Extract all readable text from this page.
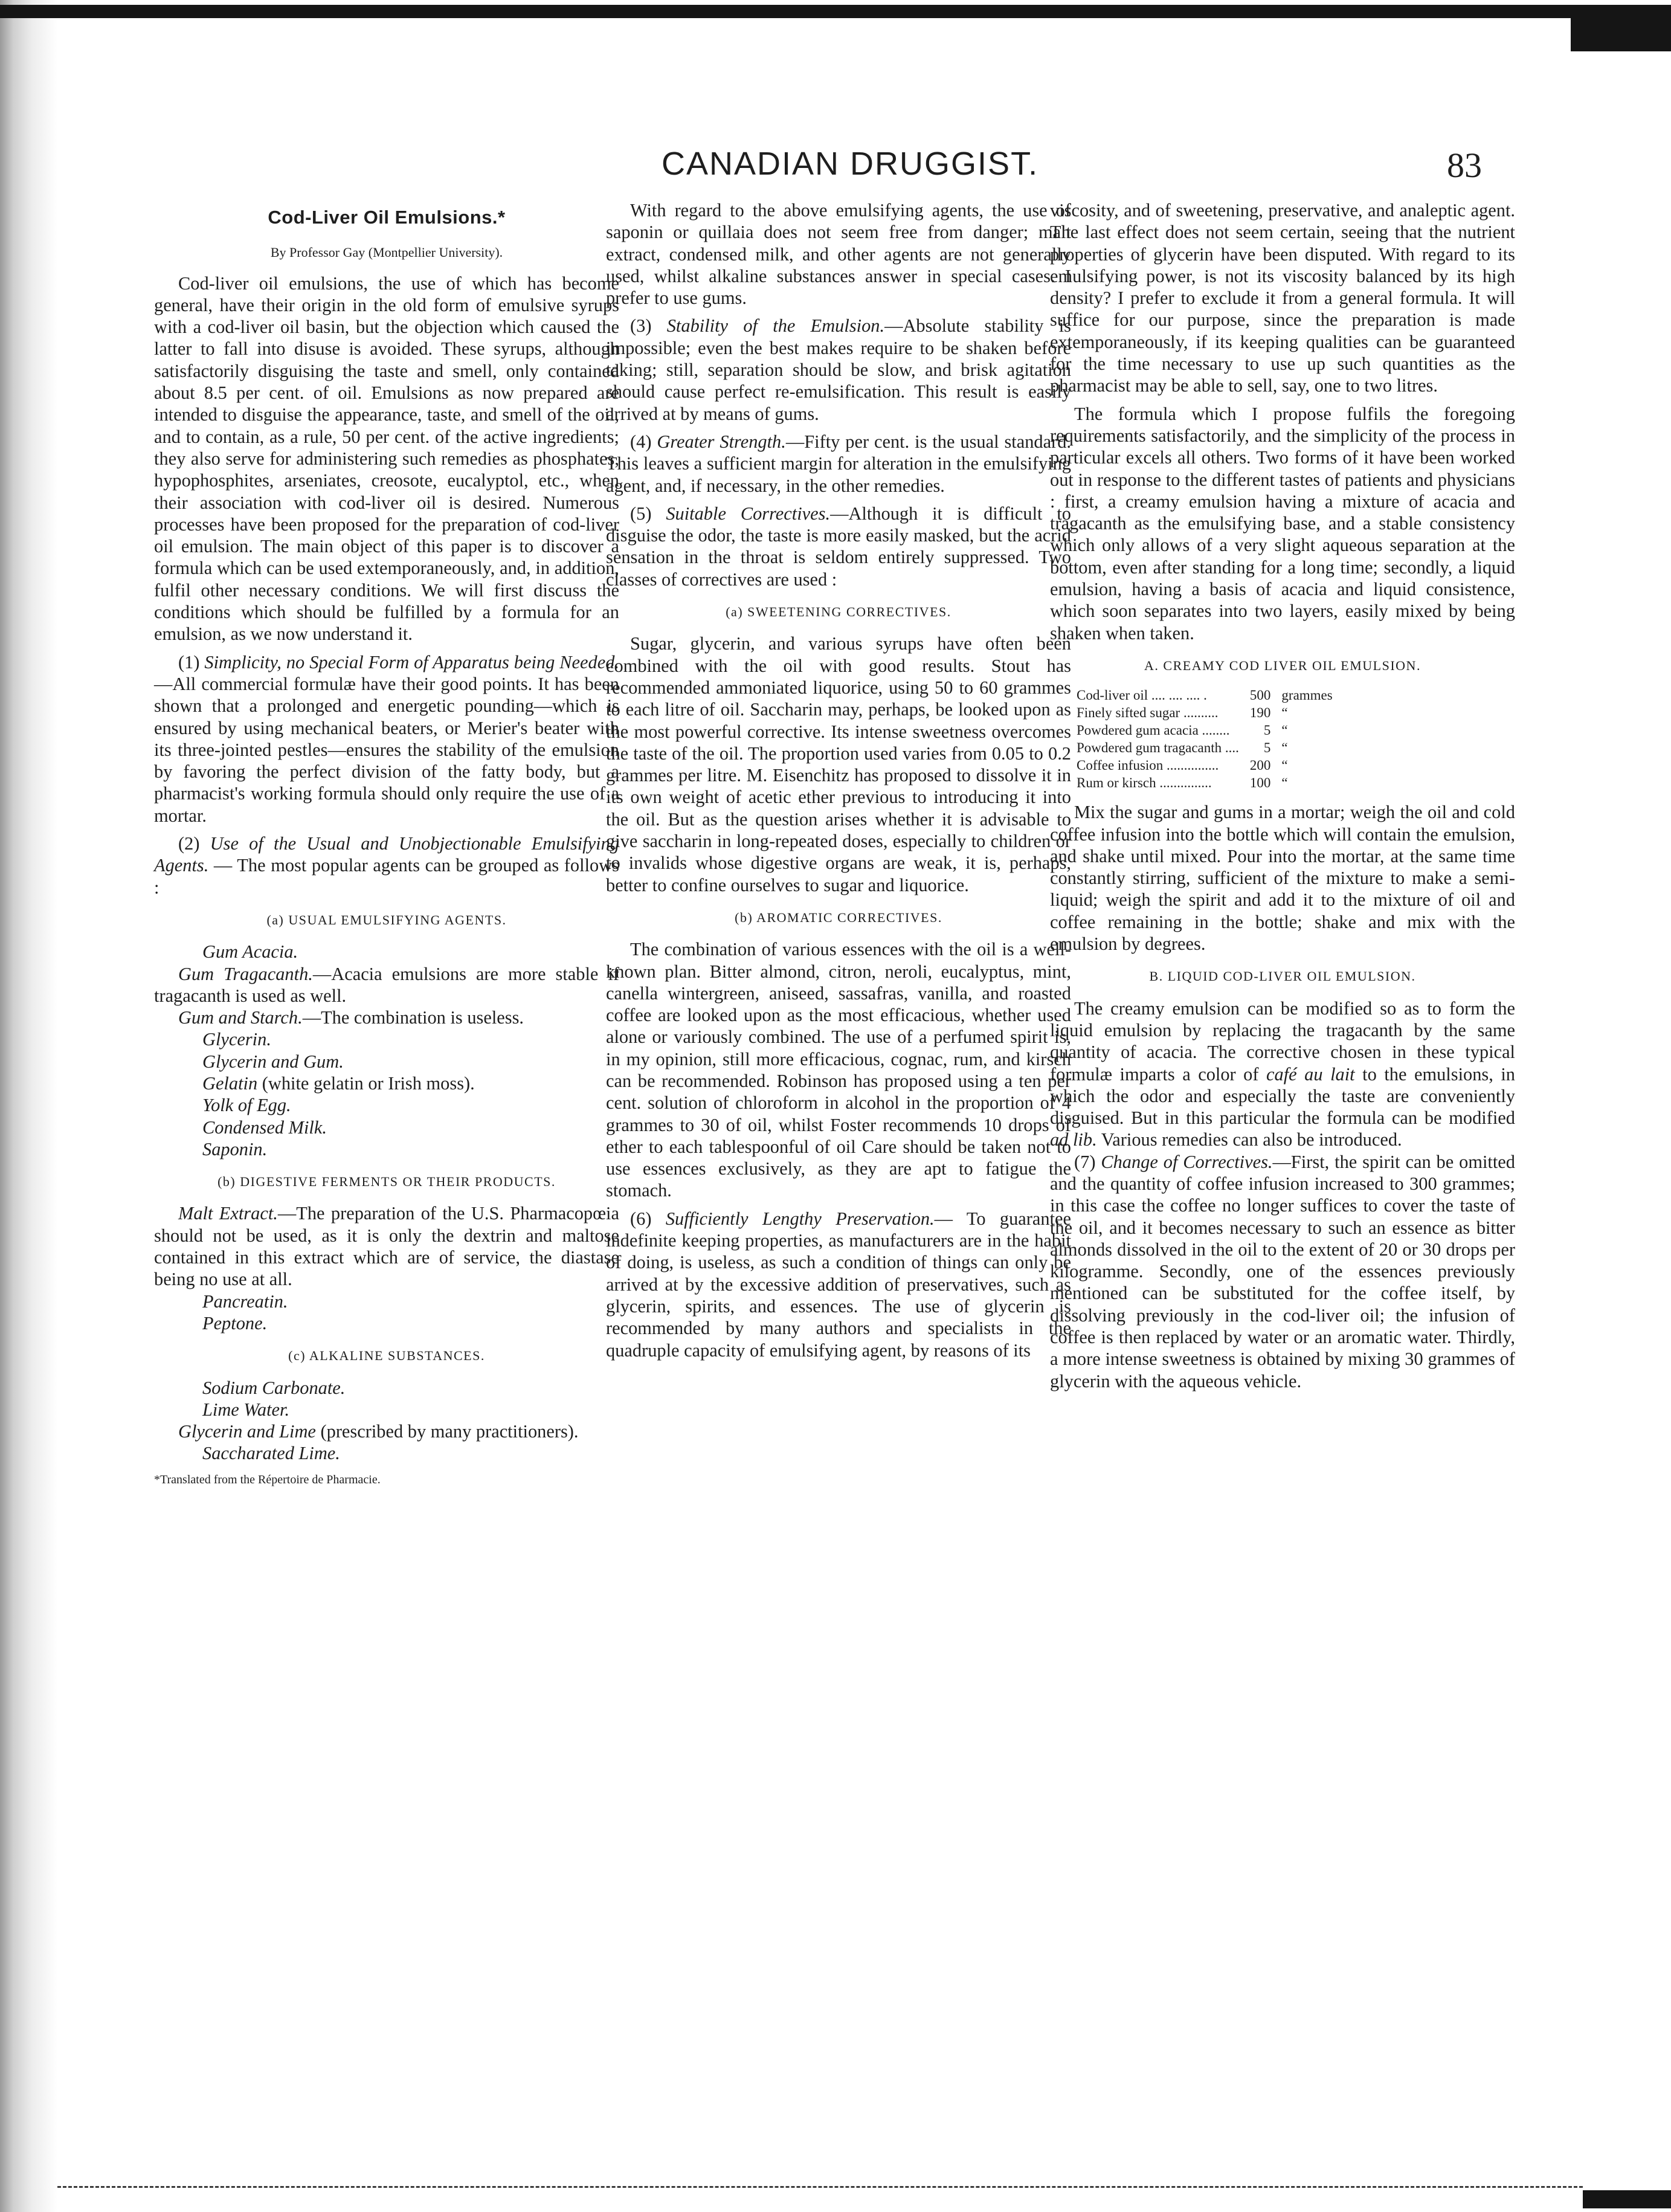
CANADIAN DRUGGIST.	83
Cod-Liver Oil Emulsions.*
By Professor Gay (Montpellier University).

Cod-liver oil emulsions, the use of which has become general, have their origin in the old form of emulsive syrups with a cod-liver oil basin, but the objection which caused the latter to fall into disuse is avoided. These syrups, although satisfactorily disguising the taste and smell, only contained about 8.5 per cent. of oil. Emulsions as now prepared are intended to disguise the appearance, taste, and smell of the oil, and to contain, as a rule, 50 per cent. of the active ingredients; they also serve for administering such remedies as phosphates, hypophosphites, arseniates, creosote, eucalyptol, etc., when their association with cod-liver oil is desired. Numerous processes have been proposed for the preparation of cod-liver oil emulsion. The main object of this paper is to discover a formula which can be used extemporaneously, and, in addition, fulfil other necessary conditions. We will first discuss the conditions which should be fulfilled by a formula for an emulsion, as we now understand it.

(1) Simplicity, no Special Form of Apparatus being Needed.—All commercial formulæ have their good points. It has been shown that a prolonged and energetic pounding—which is ensured by using mechanical beaters, or Merier's beater with its three-jointed pestles—ensures the stability of the emulsion by favoring the perfect division of the fatty body, but a pharmacist's working formula should only require the use of a mortar.

(2) Use of the Usual and Unobjectionable Emulsifying Agents. — The most popular agents can be grouped as follows :

(a) USUAL EMULSIFYING AGENTS.

Gum Acacia.

Gum Tragacanth.—Acacia emulsions are more stable if tragacanth is used as well.

Gum and Starch.—The combination is useless.

Glycerin.

Glycerin and Gum.

Gelatin (white gelatin or Irish moss).

Yolk of Egg.

Condensed Milk.

Saponin.

(b) DIGESTIVE FERMENTS OR THEIR PRODUCTS.

Malt Extract.—The preparation of the U.S. Pharmacopœia should not be used, as it is only the dextrin and maltose contained in this extract which are of service, the diastase being no use at all.

Pancreatin.

Peptone.

(c) ALKALINE SUBSTANCES.

Sodium Carbonate.

Lime Water.

Glycerin and Lime (prescribed by many practitioners).

Saccharated Lime.

*Translated from the Répertoire de Pharmacie.

With regard to the above emulsifying agents, the use of saponin or quillaia does not seem free from danger; malt extract, condensed milk, and other agents are not generally used, whilst alkaline substances answer in special cases. I prefer to use gums.

(3) Stability of the Emulsion.—Absolute stability is impossible; even the best makes require to be shaken before taking; still, separation should be slow, and brisk agitation should cause perfect re-emulsification. This result is easily arrived at by means of gums.

(4) Greater Strength.—Fifty per cent. is the usual standard. This leaves a sufficient margin for alteration in the emulsifying agent, and, if necessary, in the other remedies.

(5) Suitable Correctives.—Although it is difficult to disguise the odor, the taste is more easily masked, but the acrid sensation in the throat is seldom entirely suppressed. Two classes of correctives are used :

(a) SWEETENING CORRECTIVES.

Sugar, glycerin, and various syrups have often been combined with the oil with good results. Stout has recommended ammoniated liquorice, using 50 to 60 grammes to each litre of oil. Saccharin may, perhaps, be looked upon as the most powerful corrective. Its intense sweetness overcomes the taste of the oil. The proportion used varies from 0.05 to 0.2 grammes per litre. M. Eisenchitz has proposed to dissolve it in its own weight of acetic ether previous to introducing it into the oil. But as the question arises whether it is advisable to give saccharin in long-repeated doses, especially to children or to invalids whose digestive organs are weak, it is, perhaps, better to confine ourselves to sugar and liquorice.

(b) AROMATIC CORRECTIVES.

The combination of various essences with the oil is a well-known plan. Bitter almond, citron, neroli, eucalyptus, mint, canella wintergreen, aniseed, sassafras, vanilla, and roasted coffee are looked upon as the most efficacious, whether used alone or variously combined. The use of a perfumed spirit is, in my opinion, still more efficacious, cognac, rum, and kirsch can be recommended. Robinson has proposed using a ten per cent. solution of chloroform in alcohol in the proportion of 4 grammes to 30 of oil, whilst Foster recommends 10 drops of ether to each tablespoonful of oil Care should be taken not to use essences exclusively, as they are apt to fatigue the stomach.

(6) Sufficiently Lengthy Preservation.— To guarantee indefinite keeping properties, as manufacturers are in the habit of doing, is useless, as such a condition of things can only be arrived at by the excessive addition of preservatives, such as glycerin, spirits, and essences. The use of glycerin is recommended by many authors and specialists in the quadruple capacity of emulsifying agent, by reasons of its

viscosity, and of sweetening, preservative, and analeptic agent. The last effect does not seem certain, seeing that the nutrient properties of glycerin have been disputed. With regard to its emulsifying power, is not its viscosity balanced by its high density? I prefer to exclude it from a general formula. It will suffice for our purpose, since the preparation is made extemporaneously, if its keeping qualities can be guaranteed for the time necessary to use up such quantities as the pharmacist may be able to sell, say, one to two litres.

The formula which I propose fulfils the foregoing requirements satisfactorily, and the simplicity of the process in particular excels all others. Two forms of it have been worked out in response to the different tastes of patients and physicians : first, a creamy emulsion having a mixture of acacia and tragacanth as the emulsifying base, and a stable consistency which only allows of a very slight aqueous separation at the bottom, even after standing for a long time; secondly, a liquid emulsion, having a basis of acacia and liquid consistence, which soon separates into two layers, easily mixed by being shaken when taken.

A. CREAMY COD LIVER OIL EMULSION.
Cod-liver oil .... .... .... .	500	grammes
Finely sifted sugar ..........	190	“
Powdered gum acacia ........	5	“
Powdered gum tragacanth ....	5	“
Coffee infusion ...............	200	“
Rum or kirsch ...............	100	“

Mix the sugar and gums in a mortar; weigh the oil and cold coffee infusion into the bottle which will contain the emulsion, and shake until mixed. Pour into the mortar, at the same time constantly stirring, sufficient of the mixture to make a semi-liquid; weigh the spirit and add it to the mixture of oil and coffee remaining in the bottle; shake and mix with the emulsion by degrees.

B. LIQUID COD-LIVER OIL EMULSION.

The creamy emulsion can be modified so as to form the liquid emulsion by replacing the tragacanth by the same quantity of acacia. The corrective chosen in these typical formulæ imparts a color of café au lait to the emulsions, in which the odor and especially the taste are conveniently disguised. But in this particular the formula can be modified ad lib. Various remedies can also be introduced.

(7) Change of Correctives.—First, the spirit can be omitted and the quantity of coffee infusion increased to 300 grammes; in this case the coffee no longer suffices to cover the taste of the oil, and it becomes necessary to such an essence as bitter almonds dissolved in the oil to the extent of 20 or 30 drops per kilogramme. Secondly, one of the essences previously mentioned can be substituted for the coffee itself, by dissolving previously in the cod-liver oil; the infusion of coffee is then replaced by water or an aromatic water. Thirdly, a more intense sweetness is obtained by mixing 30 grammes of glycerin with the aqueous vehicle.
